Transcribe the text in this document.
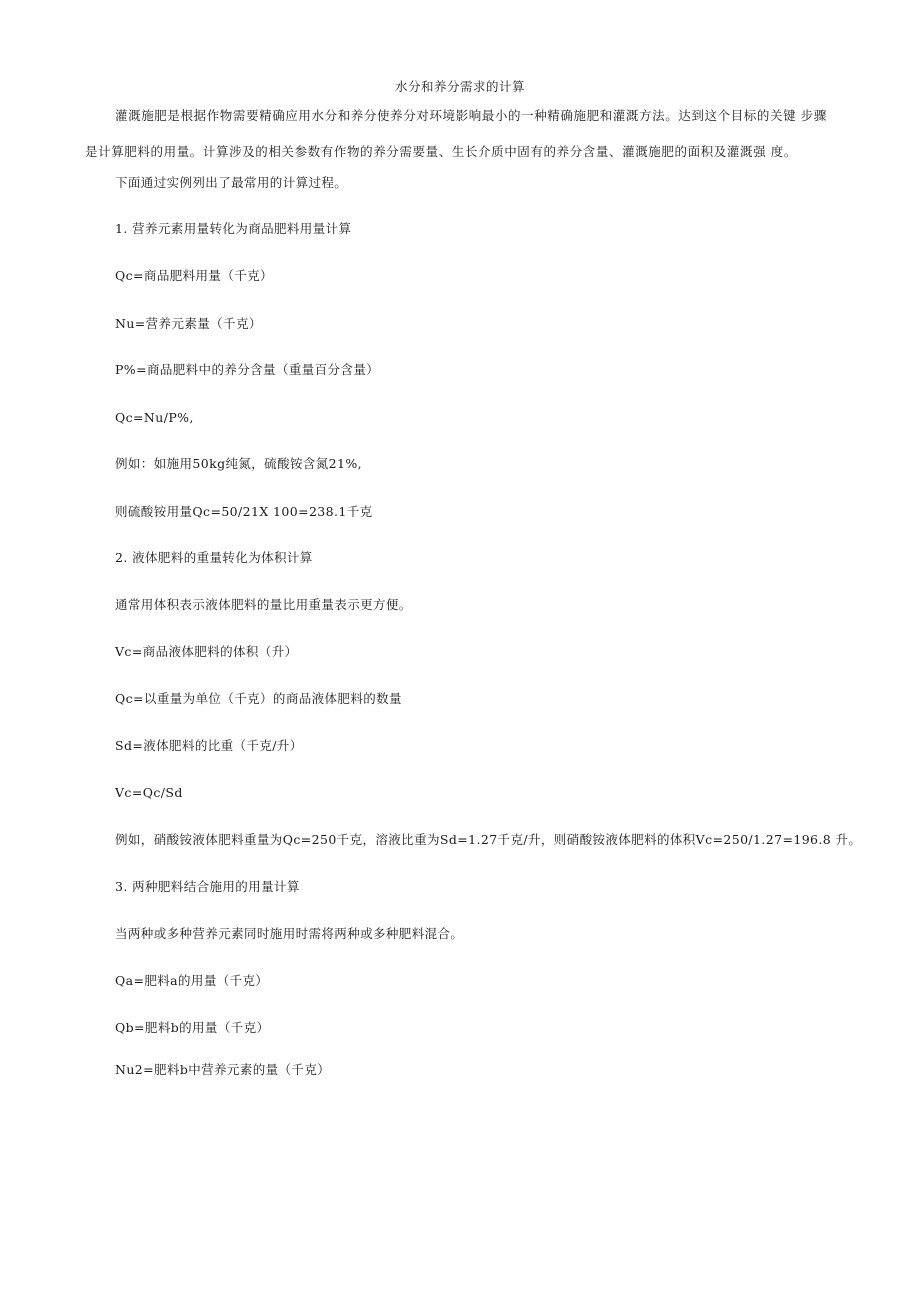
水分和养分需求的计算
灌溉施肥是根据作物需要精确应用水分和养分使养分对环境影响最小的一种精确施肥和灌溉方法。达到这个目标的关键 步骤是计算肥料的用量。计算涉及的相关参数有作物的养分需要量、生长介质中固有的养分含量、灌溉施肥的面积及灌溉强 度。
下面通过实例列出了最常用的计算过程。
1. 营养元素用量转化为商品肥料用量计算
Qc=商品肥料用量（千克）
Nu=营养元素量（千克）
P%=商品肥料中的养分含量（重量百分含量）
Qc=Nu/P%,
例如：如施用50kg纯氮，硫酸铵含氮21%,
则硫酸铵用量Qc=50/21X 100=238.1千克
2. 液体肥料的重量转化为体积计算
通常用体积表示液体肥料的量比用重量表示更方便。
Vc=商品液体肥料的体积（升）
Qc=以重量为单位（千克）的商品液体肥料的数量
Sd=液体肥料的比重（千克/升）
Vc=Qc/Sd
例如，硝酸铵液体肥料重量为Qc=250千克，溶液比重为Sd=1.27千克/升，则硝酸铵液体肥料的体积Vc=250/1.27=196.8 升。
3. 两种肥料结合施用的用量计算
当两种或多种营养元素同时施用时需将两种或多种肥料混合。
Qa=肥料a的用量（千克）
Qb=肥料b的用量（千克）
Nu2=肥料b中营养元素的量（千克）
